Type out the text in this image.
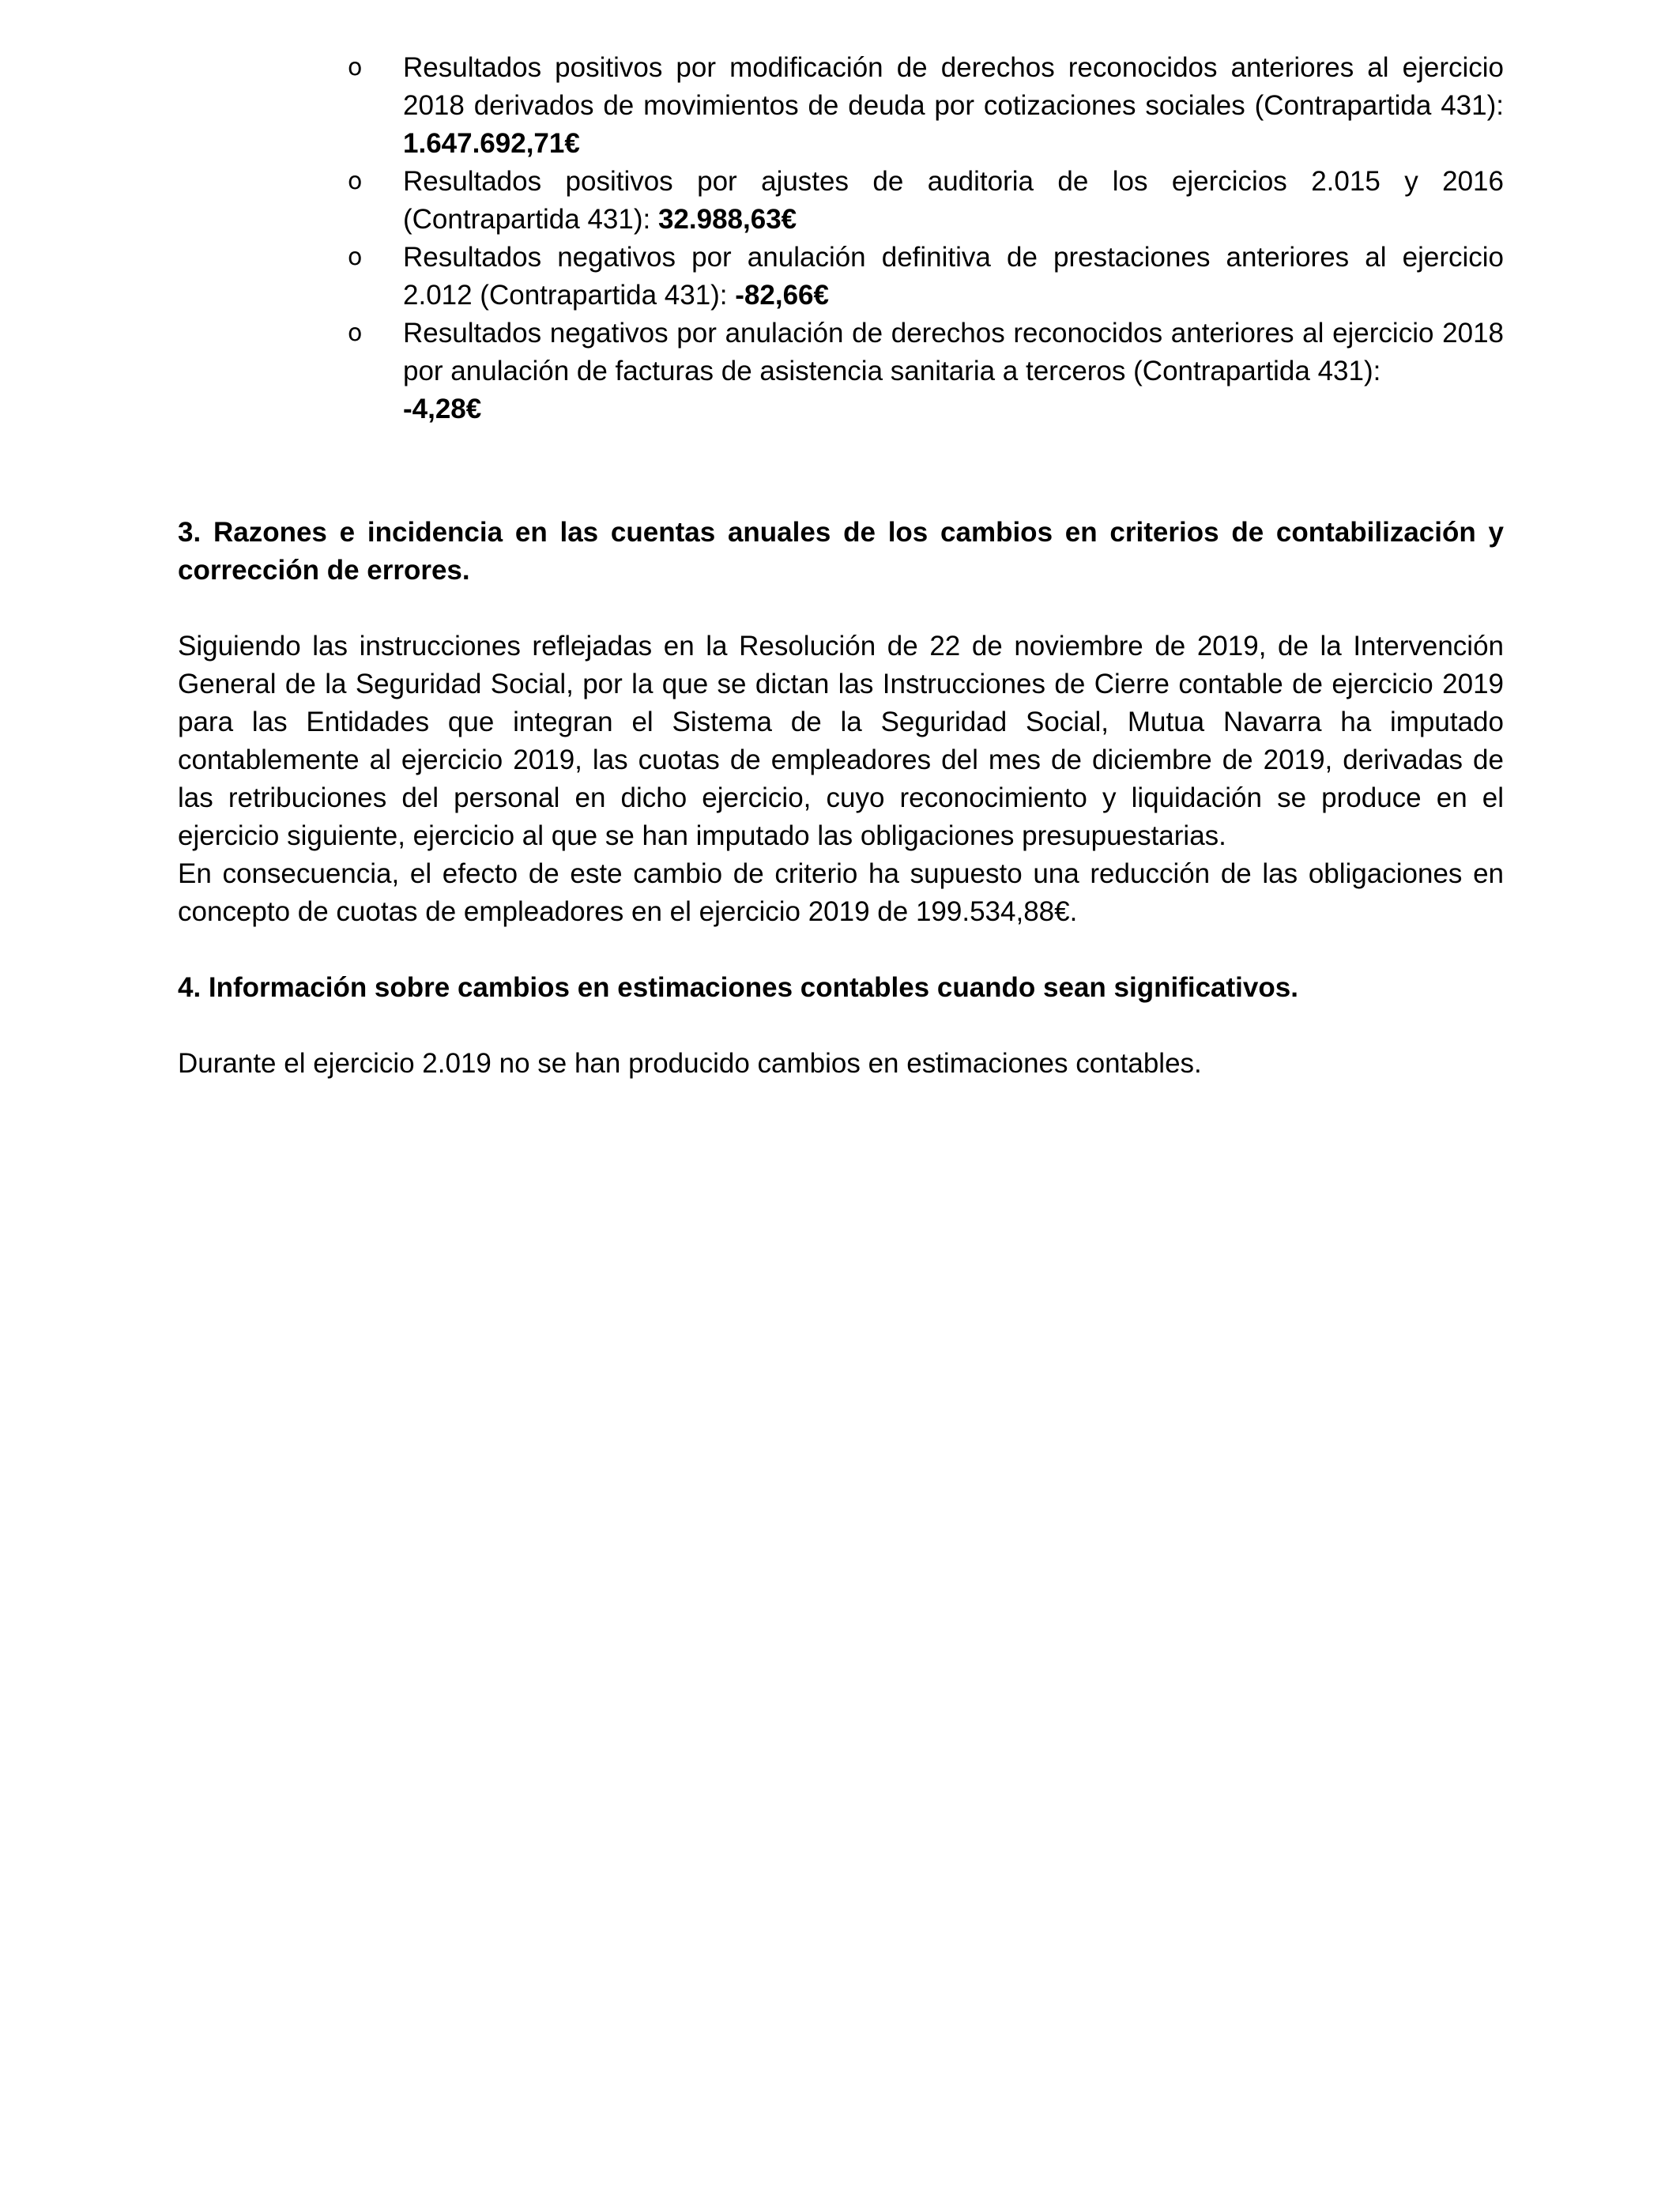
o Resultados positivos por modificación de derechos reconocidos anteriores al ejercicio 2018 derivados de movimientos de deuda por cotizaciones sociales (Contrapartida 431): 1.647.692,71€
o Resultados positivos por ajustes de auditoria de los ejercicios 2.015 y 2016 (Contrapartida 431): 32.988,63€
o Resultados negativos por anulación definitiva de prestaciones anteriores al ejercicio 2.012 (Contrapartida 431): -82,66€
o Resultados negativos por anulación de derechos reconocidos anteriores al ejercicio 2018 por anulación de facturas de asistencia sanitaria a terceros (Contrapartida 431):
-4,28€

3. Razones e incidencia en las cuentas anuales de los cambios en criterios de contabilización y corrección de errores.

Siguiendo las instrucciones reflejadas en la Resolución de 22 de noviembre de 2019, de la Intervención General de la Seguridad Social, por la que se dictan las Instrucciones de Cierre contable de ejercicio 2019 para las Entidades que integran el Sistema de la Seguridad Social, Mutua Navarra ha imputado contablemente al ejercicio 2019, las cuotas de empleadores del mes de diciembre de 2019, derivadas de las retribuciones del personal en dicho ejercicio, cuyo reconocimiento y liquidación se produce en el ejercicio siguiente, ejercicio al que se han imputado las obligaciones presupuestarias.

En consecuencia, el efecto de este cambio de criterio ha supuesto una reducción de las obligaciones en concepto de cuotas de empleadores en el ejercicio 2019 de 199.534,88€.

4. Información sobre cambios en estimaciones contables cuando sean significativos.

Durante el ejercicio 2.019 no se han producido cambios en estimaciones contables.
